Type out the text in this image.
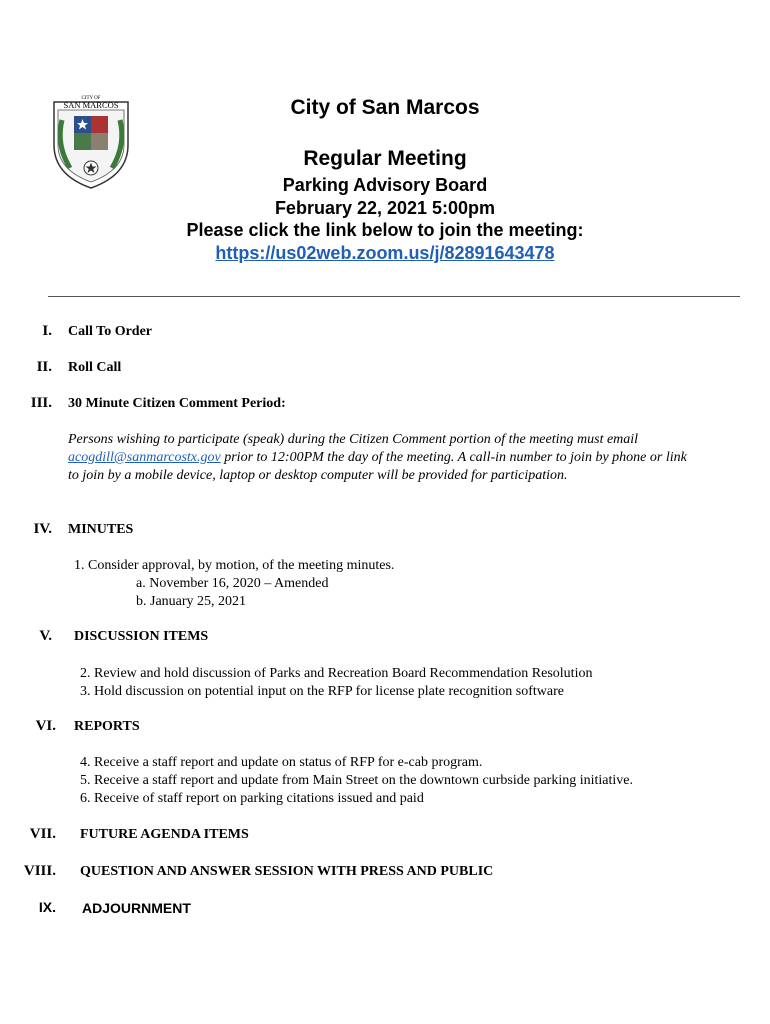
CITY OF
SAN MARCOS	City of San Marcos
Regular Meeting
Parking Advisory Board
February 22, 2021 5:00pm
Please click the link below to join the meeting:
https://us02web.zoom.us/j/82891643478
I. Call To Order
II. Roll Call
III. 30 Minute Citizen Comment Period:
Persons wishing to participate (speak) during the Citizen Comment portion of the meeting must email acogdill@sanmarcostx.gov prior to 12:00PM the day of the meeting. A call-in number to join by phone or link to join by a mobile device, laptop or desktop computer will be provided for participation.
IV. MINUTES
1. Consider approval, by motion, of the meeting minutes.
a. November 16, 2020 – Amended
b. January 25, 2021
V. DISCUSSION ITEMS
2. Review and hold discussion of Parks and Recreation Board Recommendation Resolution
3. Hold discussion on potential input on the RFP for license plate recognition software
VI. REPORTS
4. Receive a staff report and update on status of RFP for e-cab program.
5. Receive a staff report and update from Main Street on the downtown curbside parking initiative.
6. Receive of staff report on parking citations issued and paid
VII. FUTURE AGENDA ITEMS
VIII. QUESTION AND ANSWER SESSION WITH PRESS AND PUBLIC
IX. ADJOURNMENT
